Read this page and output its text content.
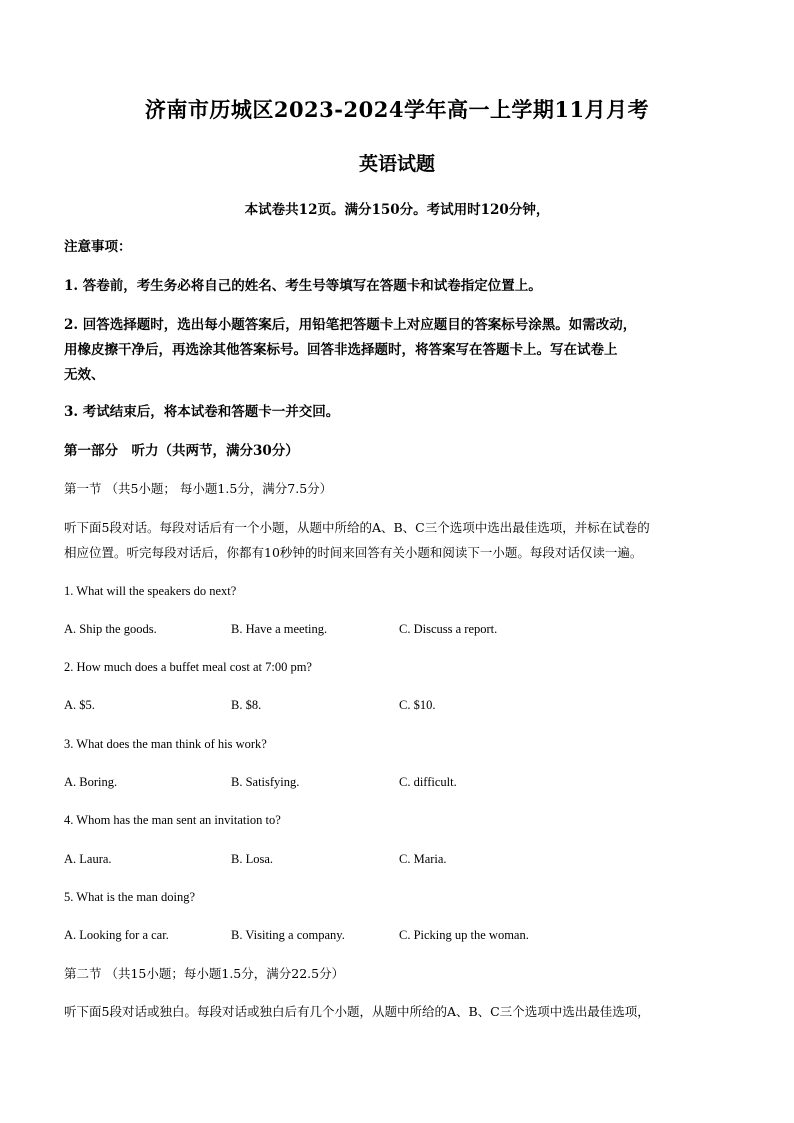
济南市历城区2023-2024学年高一上学期11月月考
英语试题
本试卷共12页。满分150分。考试用时120分钟，
注意事项：
1. 答卷前，考生务必将自己的姓名、考生号等填写在答题卡和试卷指定位置上。
2. 回答选择题时，选出每小题答案后，用铅笔把答题卡上对应题目的答案标号涂黑。如需改动，
用橡皮擦干净后，再选涂其他答案标号。回答非选择题时，将答案写在答题卡上。写在试卷上
无效、
3. 考试结束后，将本试卷和答题卡一并交回。
第一部分　听力（共两节，满分30分）
第一节 （共5小题； 每小题1.5分，满分7.5分）
听下面5段对话。每段对话后有一个小题，从题中所给的A、B、C三个选项中选出最佳选项，并标在试卷的
相应位置。听完每段对话后，你都有10秒钟的时间来回答有关小题和阅读下一小题。每段对话仅读一遍。
1. What will the speakers do next?
A. Ship the goods.	B. Have a meeting.	C. Discuss a report.
2. How much does a buffet meal cost at 7:00 pm?
A. $5.	B. $8.	C. $10.
3. What does the man think of his work?
A. Boring.	B. Satisfying.	C. difficult.
4. Whom has the man sent an invitation to?
A. Laura.	B. Losa.	C. Maria.
5. What is the man doing?
A. Looking for a car.	B. Visiting a company.	C. Picking up the woman.
第二节 （共15小题；每小题1.5分，满分22.5分）
听下面5段对话或独白。每段对话或独白后有几个小题，从题中所给的A、B、C三个选项中选出最佳选项，
